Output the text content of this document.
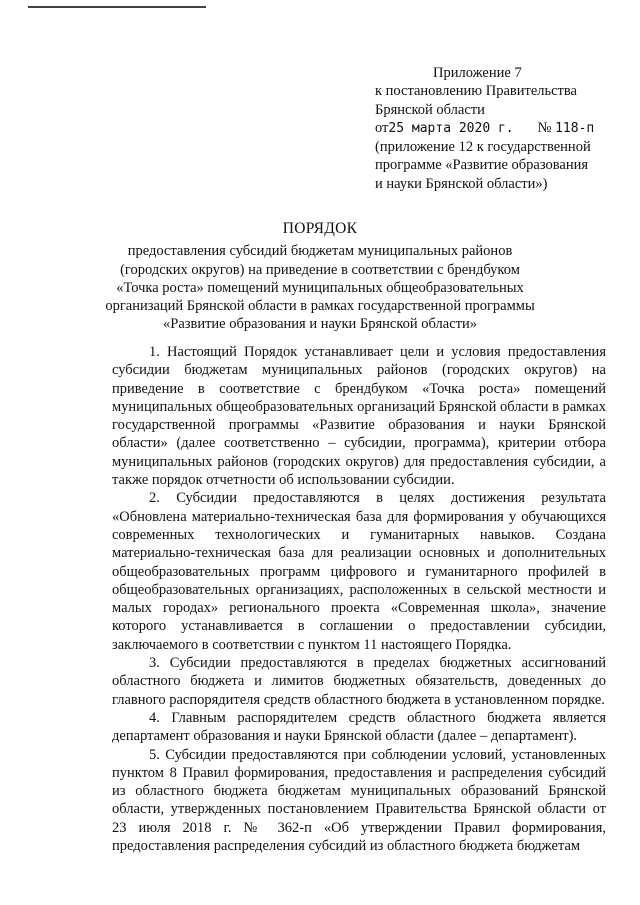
Приложение 7
к постановлению Правительства
Брянской области
от25 марта 2020 г. № 118-п
(приложение 12 к государственной
программе «Развитие образования
и науки Брянской области»)
ПОРЯДОК
предоставления субсидий бюджетам муниципальных районов (городских округов) на приведение в соответствии с брендбуком «Точка роста» помещений муниципальных общеобразовательных организаций Брянской области в рамках государственной программы «Развитие образования и науки Брянской области»

1. Настоящий Порядок устанавливает цели и условия предоставления субсидии бюджетам муниципальных районов (городских округов) на приведение в соответствие с брендбуком «Точка роста» помещений муниципальных общеобразовательных организаций Брянской области в рамках государственной программы «Развитие образования и науки Брянской области» (далее соответственно – субсидии, программа), критерии отбора муниципальных районов (городских округов) для предоставления субсидии, а также порядок отчетности об использовании субсидии.

2. Субсидии предоставляются в целях достижения результата «Обновлена материально-техническая база для формирования у обучающихся современных технологических и гуманитарных навыков. Создана материально-техническая база для реализации основных и дополнительных общеобразовательных программ цифрового и гуманитарного профилей в общеобразовательных организациях, расположенных в сельской местности и малых городах» регионального проекта «Современная школа», значение которого устанавливается в соглашении о предоставлении субсидии, заключаемого в соответствии с пунктом 11 настоящего Порядка.

3. Субсидии предоставляются в пределах бюджетных ассигнований областного бюджета и лимитов бюджетных обязательств, доведенных до главного распорядителя средств областного бюджета в установленном порядке.

4. Главным распорядителем средств областного бюджета является департамент образования и науки Брянской области (далее – департамент).

5. Субсидии предоставляются при соблюдении условий, установленных пунктом 8 Правил формирования, предоставления и распределения субсидий из областного бюджета бюджетам муниципальных образований Брянской области, утвержденных постановлением Правительства Брянской области от 23 июля 2018 г. № 362-п «Об утверждении Правил формирования, предоставления распределения субсидий из областного бюджета бюджетам
